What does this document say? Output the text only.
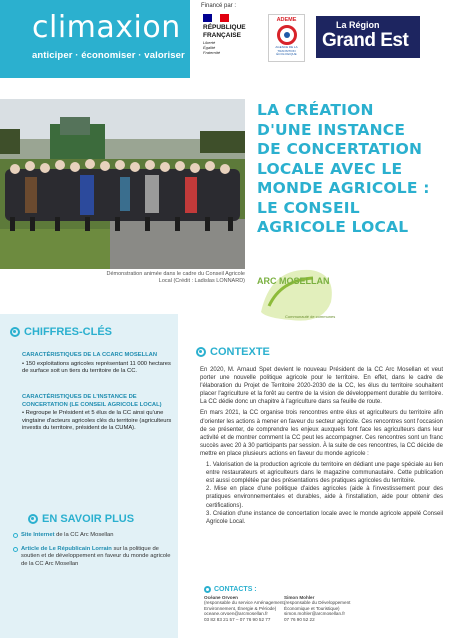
climaxion
anticiper · économiser · valoriser
Financé par :
RÉPUBLIQUE
FRANÇAISE
Liberté
Égalité
Fraternité
ADEME
AGENCE DE LA TRANSITION ÉCOLOGIQUE
La Région
Grand Est
Démonstration animée dans le cadre du Conseil Agricole Local (Crédit : Ladislas LONNARD)
LA CRÉATION
D'UNE INSTANCE
DE CONCERTATION
LOCALE AVEC LE
MONDE AGRICOLE :
LE CONSEIL
AGRICOLE LOCAL
ARC MOSELLAN
Communauté de communes
CHIFFRES-CLÉS
CARACTÉRISTIQUES DE LA CCARC MOSELLAN
• 150 exploitations agricoles représentant 11 000 hectares de surface soit un tiers du territoire de la CC.
CARACTÉRISTIQUES DE L'INSTANCE DE CONCERTATION (LE CONSEIL AGRICOLE LOCAL)
• Regroupe le Président et 5 élus de la CC ainsi qu'une vingtaine d'acteurs agricoles clés du territoire (agriculteurs investis du territoire, président de la CUMA).
EN SAVOIR PLUS
Site Internet de la CC Arc Mosellan
Article de Le Républicain Lorrain sur la politique de soutien et de développement en faveur du monde agricole de la CC Arc Mosellan
CONTEXTE

En 2020, M. Arnaud Spet devient le nouveau Président de la CC Arc Mosellan et veut porter une nouvelle politique agricole pour le territoire. En effet, dans le cadre de l'élaboration du Projet de Territoire 2020-2030 de la CC, les élus du territoire souhaitent placer l'agriculture et la forêt au centre de la vision de développement durable du territoire. La CC dédie donc un chapitre à l'agriculture dans sa feuille de route.

En mars 2021, la CC organise trois rencontres entre élus et agriculteurs du territoire afin d'orienter les actions à mener en faveur du secteur agricole. Ces rencontres sont l'occasion de se présenter, de comprendre les enjeux auxquels font face les agriculteurs dans leur activité et de montrer comment la CC peut les accompagner. Ces rencontres sont un franc succès avec 20 à 30 participants par session. À la suite de ces rencontres, la CC décide de mettre en place plusieurs actions en faveur du monde agricole :

1. Valorisation de la production agricole du territoire en dédiant une page spéciale au lien entre restaurateurs et agriculteurs dans le magazine communautaire. Cette publication est aussi complétée par des présentations des pratiques agricoles du territoire.
2. Mise en place d'une politique d'aides agricoles (aide à l'investissement pour des pratiques environnementales et durables, aide à l'installation, aide pour obtenir des certifications).
3. Création d'une instance de concertation locale avec le monde agricole appelé Conseil Agricole Local.
CONTACTS :
Océane Orvoen
(responsable du service Aménagement,
Environnement, Énergie & Période)
oceane.orvoen@arcmosellan.fr
03 82 83 21 57 – 07 76 90 52 77
Simon Mohler
(responsable du Développement
Économique et Touristique)
simon.mohler@arcmosellan.fr
07 76 90 52 22
